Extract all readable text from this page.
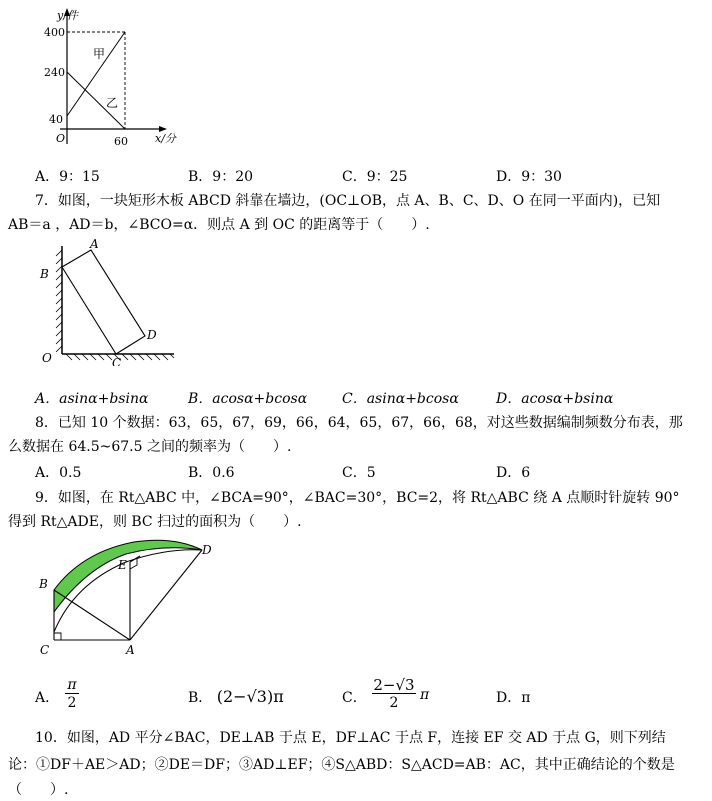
y/件
400
240
40
O	60 x/分
甲
乙
A．9：15	B．9：20	C．9：25	D．9：30
7．如图，一块矩形木板 ABCD 斜靠在墙边，(OC⊥OB，点 A、B、C、D、O 在同一平面内)，已知
AB＝a ，AD＝b，∠BCO=α．则点 A 到 OC 的距离等于（　　）.
A
B
C
D
O
A．asinα+bsinα	B．acosα+bcosα C．asinα+bcosα	D．acosα+bsinα
8．已知 10 个数据：63，65，67，69，66，64，65，67，66，68，对这些数据编制频数分布表，那
么数据在 64.5~67.5 之间的频率为（　　）.
A．0.5	B．0.6	C．5	D．6
9．如图，在 Rt△ABC 中，∠BCA=90°，∠BAC=30°，BC=2，将 Rt△ABC 绕 A 点顺时针旋转 90°
得到 Rt△ADE，则 BC 扫过的面积为（　　）.
A
B
C
D
E
A． $\frac{\pi}{2}$	B． (2−√3)π	C． $\frac{2-√3}{2}$ π	D．π
10．如图，AD 平分∠BAC，DE⊥AB 于点 E，DF⊥AC 于点 F，连接 EF 交 AD 于点 G，则下列结
论：①DF＋AE＞AD；②DE＝DF；③AD⊥EF；④S△ABD：S△ACD=AB：AC，其中正确结论的个数是
（　　）.
